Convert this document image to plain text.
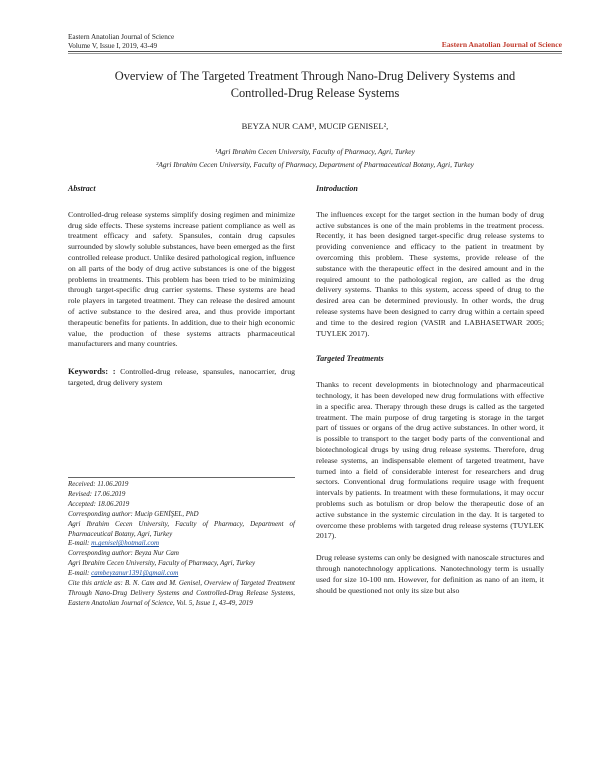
Eastern Anatolian Journal of Science
Volume V, Issue I, 2019, 43-49	Eastern Anatolian Journal of Science
Overview of The Targeted Treatment Through Nano-Drug Delivery Systems and
Controlled-Drug Release Systems
BEYZA NUR CAM¹, MUCIP GENISEL²,
¹Agri Ibrahim Cecen University, Faculty of Pharmacy, Agri, Turkey
²Agri Ibrahim Cecen University, Faculty of Pharmacy, Department of Pharmaceutical Botany, Agri, Turkey

Abstract

Controlled-drug release systems simplify dosing regimen and minimize drug side effects. These systems increase patient compliance as well as treatment efficacy and safety. Spansules, contain drug capsules surrounded by slowly soluble substances, have been emerged as the first controlled release product. Unlike desired pathological region, influence on all parts of the body of drug active substances is one of the biggest problems in treatments. This problem has been tried to be minimizing through target-specific drug carrier systems. These systems are head role players in targeted treatment. They can release the desired amount of active substance to the desired area, and thus provide important therapeutic benefits for patients. In addition, due to their high economic value, the production of these systems attracts pharmaceutical manufacturers and many countries.

Keywords: : Controlled-drug release, spansules, nanocarrier, drug targeted, drug delivery system

Received: 11.06.2019
Revised: 17.06.2019
Accepted: 18.06.2019
Corresponding author: Mucip GENİŞEL, PhD
Agri Ibrahim Cecen University, Faculty of Pharmacy, Department of Pharmaceutical Botany, Agri, Turkey
E-mail: m.genisel@hotmail.com
Corresponding author: Beyza Nur Cam
Agri Ibrahim Cecen University, Faculty of Pharmacy, Agri, Turkey
E-mail: cambeyzanur1391@gmail.com
Cite this article as: B. N. Cam and M. Genisel, Overview of Targeted Treatment Through Nano-Drug Delivery Systems and Controlled-Drug Release Systems, Eastern Anatolian Journal of Science, Vol. 5, Issue 1, 43-49, 2019

Introduction

The influences except for the target section in the human body of drug active substances is one of the main problems in the treatment process. Recently, it has been designed target-specific drug release systems to providing convenience and efficacy to the patient in treatment by overcoming this problem. These systems, provide release of the substance with the therapeutic effect in the desired amount and in the required amount to the pathological region, are called as the drug delivery systems. Thanks to this system, access speed of drug to the desired area can be determined previously. In other words, the drug release systems have been designed to carry drug within a certain speed and time to the desired region (VASIR and LABHASETWAR 2005; TUYLEK 2017).

Targeted Treatments

Thanks to recent developments in biotechnology and pharmaceutical technology, it has been developed new drug formulations with effective in a specific area. Therapy through these drugs is called as the targeted treatment. The main purpose of drug targeting is storage in the target part of tissues or organs of the drug active substances. In other word, it is possible to transport to the target body parts of the conventional and biotechnological drugs by using drug release systems. Therefore, drug release systems, an indispensable element of targeted treatment, have turned into a field of considerable interest for researchers and drug sectors. Conventional drug formulations require usage with frequent intervals by patients. In treatment with these formulations, it may occur problems such as botulism or drop below the therapeutic dose of an active substance in the systemic circulation in the day. It is targeted to overcome these problems with targeted drug release systems (TUYLEK 2017).

Drug release systems can only be designed with nanoscale structures and through nanotechnology applications. Nanotechnology term is usually used for size 10-100 nm. However, for definition as nano of an item, it should be questioned not only its size but also
